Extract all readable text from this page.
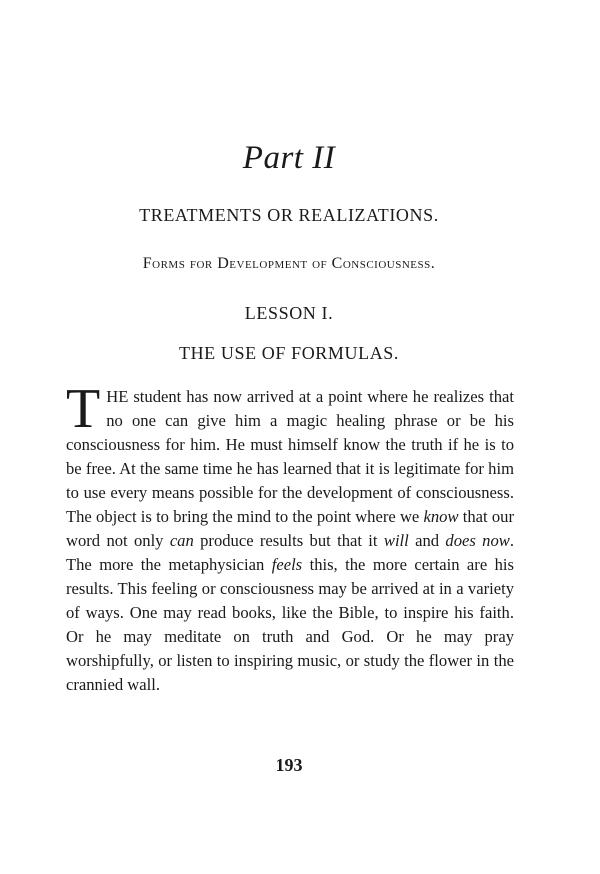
Part II
TREATMENTS OR REALIZATIONS.
Forms for Development of Consciousness.
LESSON I.
THE USE OF FORMULAS.

THE student has now arrived at a point where he realizes that no one can give him a magic healing phrase or be his consciousness for him. He must himself know the truth if he is to be free. At the same time he has learned that it is legitimate for him to use every means possible for the development of consciousness. The object is to bring the mind to the point where we know that our word not only can produce results but that it will and does now. The more the metaphysician feels this, the more certain are his results. This feeling or consciousness may be arrived at in a variety of ways. One may read books, like the Bible, to inspire his faith. Or he may meditate on truth and God. Or he may pray worshipfully, or listen to inspiring music, or study the flower in the crannied wall.

193
